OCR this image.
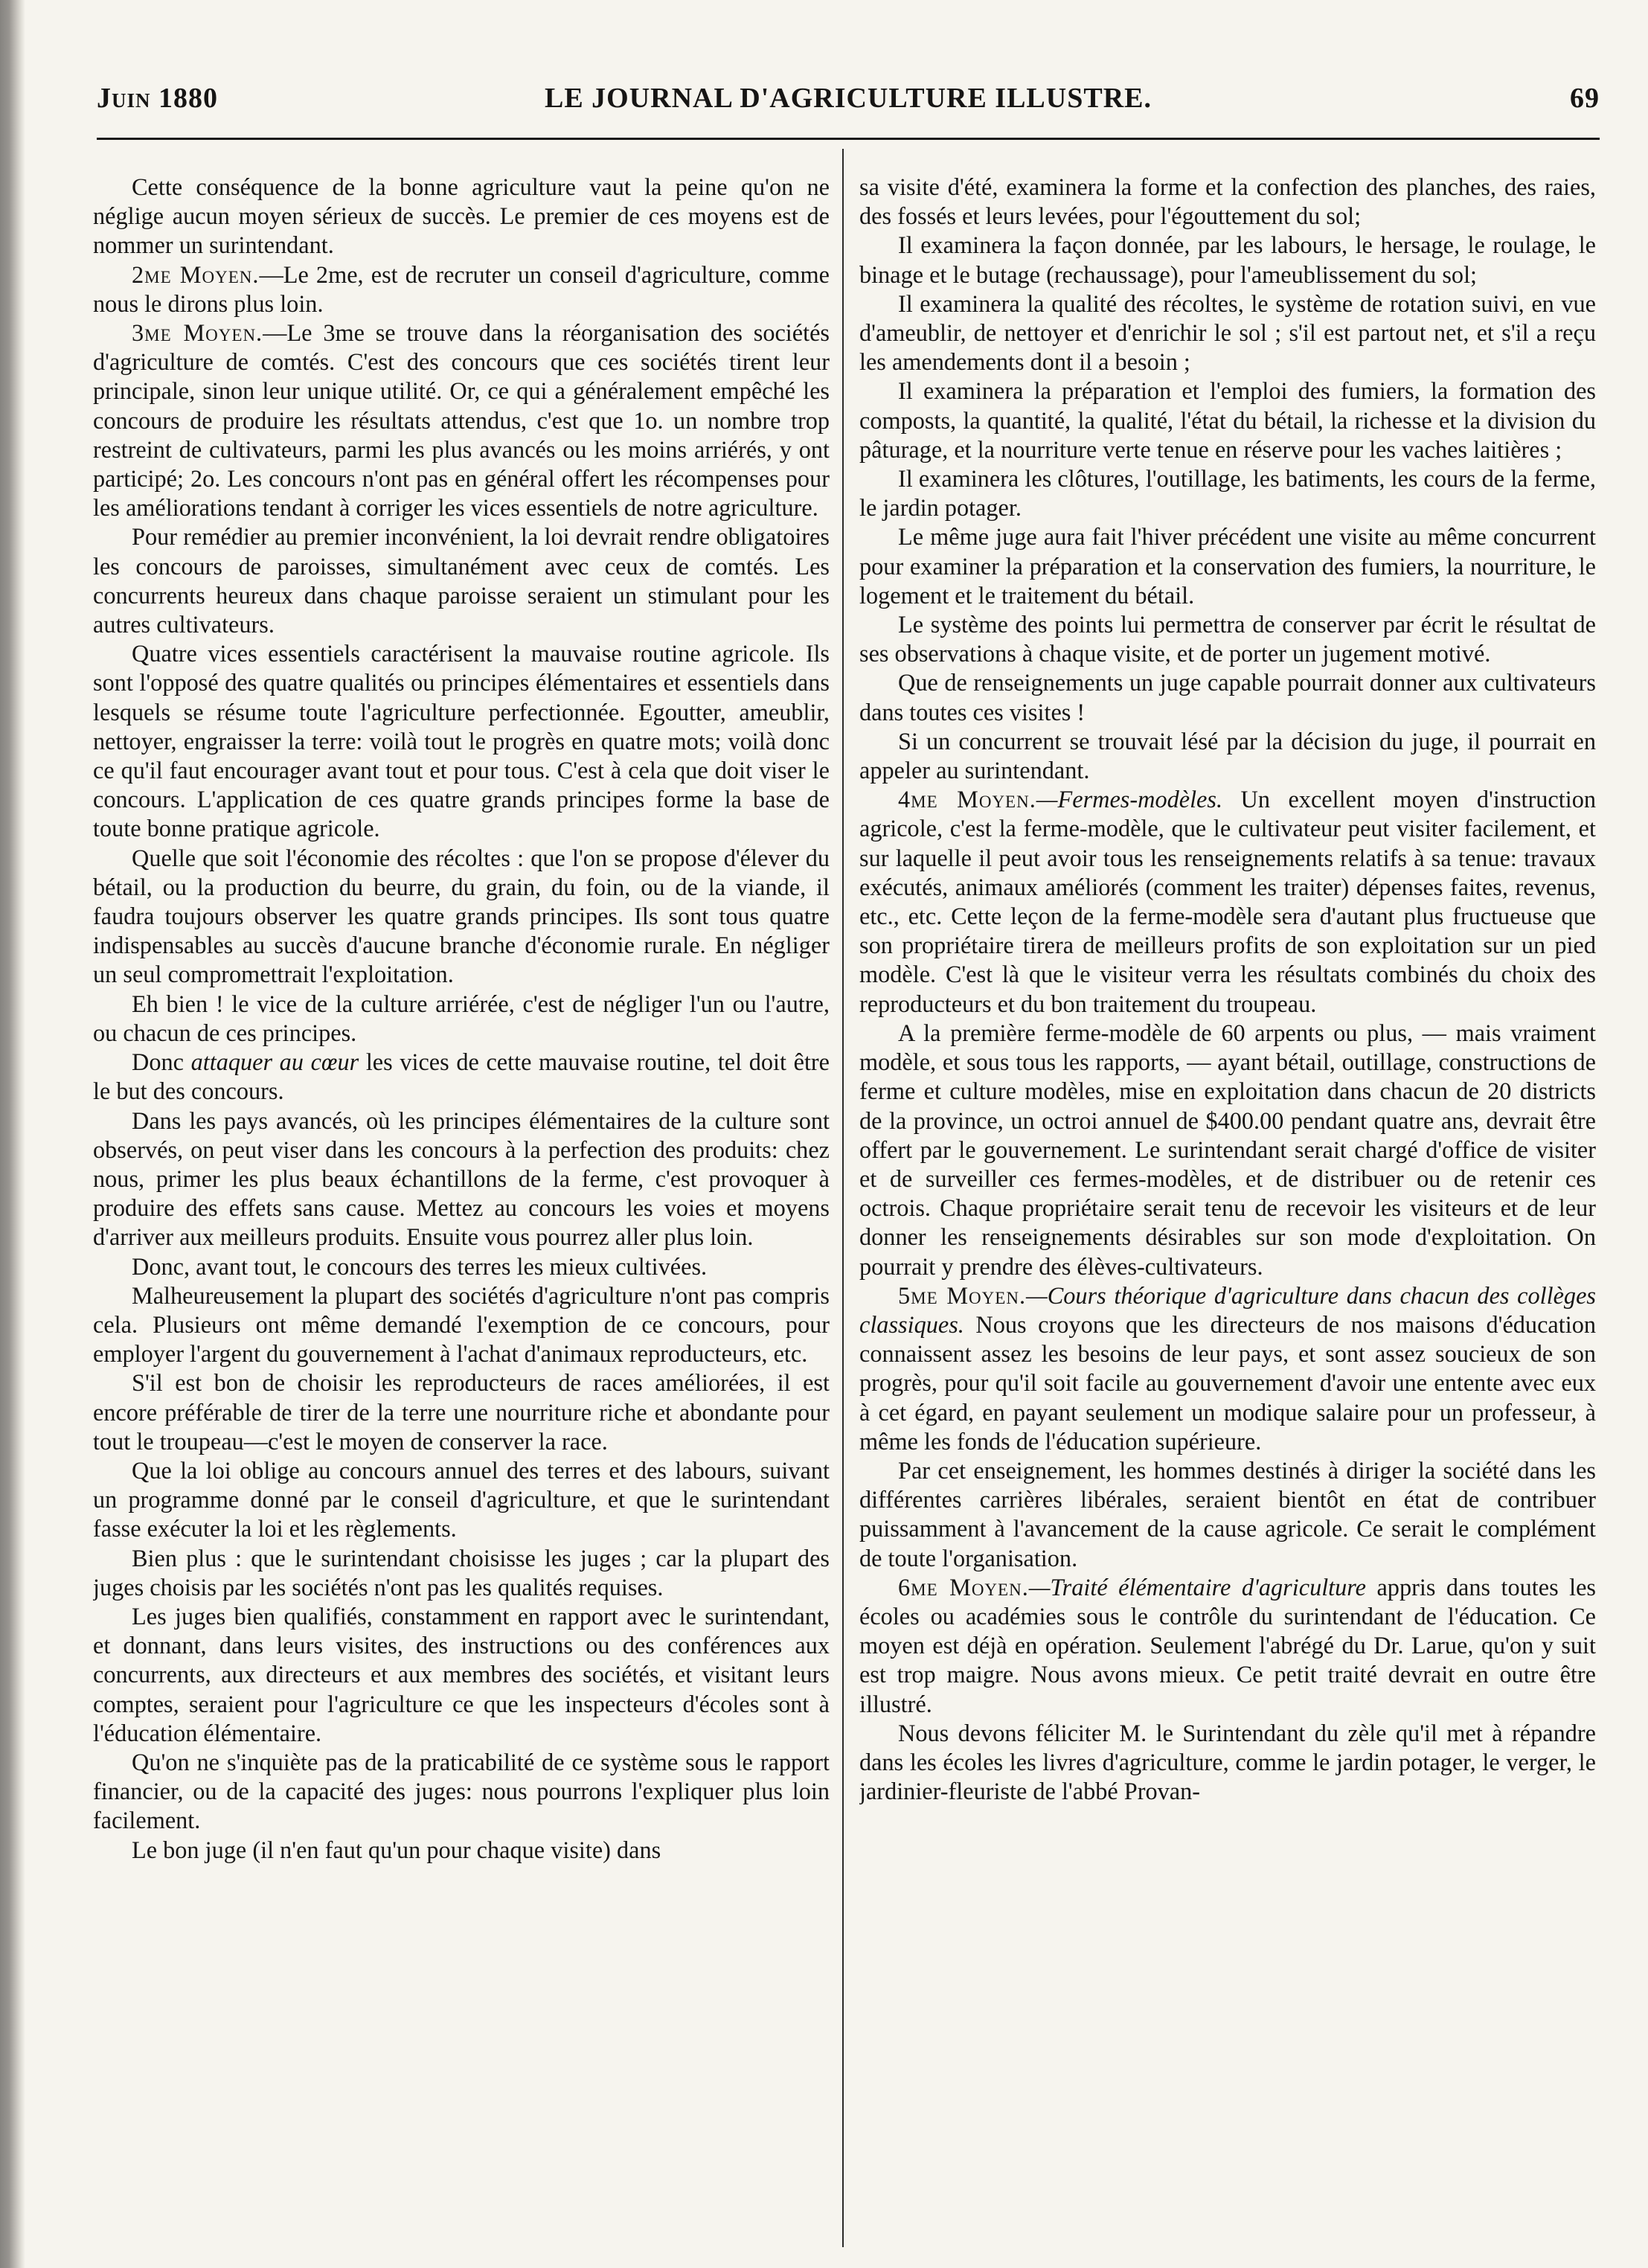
Juin 1880	LE JOURNAL D'AGRICULTURE ILLUSTRE.	69

Cette conséquence de la bonne agriculture vaut la peine qu'on ne néglige aucun moyen sérieux de succès. Le premier de ces moyens est de nommer un surintendant.

2me Moyen.—Le 2me, est de recruter un conseil d'agriculture, comme nous le dirons plus loin.

3me Moyen.—Le 3me se trouve dans la réorganisation des sociétés d'agriculture de comtés. C'est des concours que ces sociétés tirent leur principale, sinon leur unique utilité. Or, ce qui a généralement empêché les concours de produire les résultats attendus, c'est que 1o. un nombre trop restreint de cultivateurs, parmi les plus avancés ou les moins arriérés, y ont participé; 2o. Les concours n'ont pas en général offert les récompenses pour les améliorations tendant à corriger les vices essentiels de notre agriculture.

Pour remédier au premier inconvénient, la loi devrait rendre obligatoires les concours de paroisses, simultanément avec ceux de comtés. Les concurrents heureux dans chaque paroisse seraient un stimulant pour les autres cultivateurs.

Quatre vices essentiels caractérisent la mauvaise routine agricole. Ils sont l'opposé des quatre qualités ou principes élémentaires et essentiels dans lesquels se résume toute l'agriculture perfectionnée. Egoutter, ameublir, nettoyer, engraisser la terre: voilà tout le progrès en quatre mots; voilà donc ce qu'il faut encourager avant tout et pour tous. C'est à cela que doit viser le concours. L'application de ces quatre grands principes forme la base de toute bonne pratique agricole.

Quelle que soit l'économie des récoltes : que l'on se propose d'élever du bétail, ou la production du beurre, du grain, du foin, ou de la viande, il faudra toujours observer les quatre grands principes. Ils sont tous quatre indispensables au succès d'aucune branche d'économie rurale. En négliger un seul compromettrait l'exploitation.

Eh bien ! le vice de la culture arriérée, c'est de négliger l'un ou l'autre, ou chacun de ces principes.

Donc attaquer au cœur les vices de cette mauvaise routine, tel doit être le but des concours.

Dans les pays avancés, où les principes élémentaires de la culture sont observés, on peut viser dans les concours à la perfection des produits: chez nous, primer les plus beaux échantillons de la ferme, c'est provoquer à produire des effets sans cause. Mettez au concours les voies et moyens d'arriver aux meilleurs produits. Ensuite vous pourrez aller plus loin.

Donc, avant tout, le concours des terres les mieux cultivées.

Malheureusement la plupart des sociétés d'agriculture n'ont pas compris cela. Plusieurs ont même demandé l'exemption de ce concours, pour employer l'argent du gouvernement à l'achat d'animaux reproducteurs, etc.

S'il est bon de choisir les reproducteurs de races améliorées, il est encore préférable de tirer de la terre une nourriture riche et abondante pour tout le troupeau—c'est le moyen de conserver la race.

Que la loi oblige au concours annuel des terres et des labours, suivant un programme donné par le conseil d'agriculture, et que le surintendant fasse exécuter la loi et les règlements.

Bien plus : que le surintendant choisisse les juges ; car la plupart des juges choisis par les sociétés n'ont pas les qualités requises.

Les juges bien qualifiés, constamment en rapport avec le surintendant, et donnant, dans leurs visites, des instructions ou des conférences aux concurrents, aux directeurs et aux membres des sociétés, et visitant leurs comptes, seraient pour l'agriculture ce que les inspecteurs d'écoles sont à l'éducation élémentaire.

Qu'on ne s'inquiète pas de la praticabilité de ce système sous le rapport financier, ou de la capacité des juges: nous pourrons l'expliquer plus loin facilement.

Le bon juge (il n'en faut qu'un pour chaque visite) dans

sa visite d'été, examinera la forme et la confection des planches, des raies, des fossés et leurs levées, pour l'égouttement du sol;

Il examinera la façon donnée, par les labours, le hersage, le roulage, le binage et le butage (rechaussage), pour l'ameublissement du sol;

Il examinera la qualité des récoltes, le système de rotation suivi, en vue d'ameublir, de nettoyer et d'enrichir le sol ; s'il est partout net, et s'il a reçu les amendements dont il a besoin ;

Il examinera la préparation et l'emploi des fumiers, la formation des composts, la quantité, la qualité, l'état du bétail, la richesse et la division du pâturage, et la nourriture verte tenue en réserve pour les vaches laitières ;

Il examinera les clôtures, l'outillage, les batiments, les cours de la ferme, le jardin potager.

Le même juge aura fait l'hiver précédent une visite au même concurrent pour examiner la préparation et la conservation des fumiers, la nourriture, le logement et le traitement du bétail.

Le système des points lui permettra de conserver par écrit le résultat de ses observations à chaque visite, et de porter un jugement motivé.

Que de renseignements un juge capable pourrait donner aux cultivateurs dans toutes ces visites !

Si un concurrent se trouvait lésé par la décision du juge, il pourrait en appeler au surintendant.

4me Moyen.—Fermes-modèles. Un excellent moyen d'instruction agricole, c'est la ferme-modèle, que le cultivateur peut visiter facilement, et sur laquelle il peut avoir tous les renseignements relatifs à sa tenue: travaux exécutés, animaux améliorés (comment les traiter) dépenses faites, revenus, etc., etc. Cette leçon de la ferme-modèle sera d'autant plus fructueuse que son propriétaire tirera de meilleurs profits de son exploitation sur un pied modèle. C'est là que le visiteur verra les résultats combinés du choix des reproducteurs et du bon traitement du troupeau.

A la première ferme-modèle de 60 arpents ou plus, — mais vraiment modèle, et sous tous les rapports, — ayant bétail, outillage, constructions de ferme et culture modèles, mise en exploitation dans chacun de 20 districts de la province, un octroi annuel de $400.00 pendant quatre ans, devrait être offert par le gouvernement. Le surintendant serait chargé d'office de visiter et de surveiller ces fermes-modèles, et de distribuer ou de retenir ces octrois. Chaque propriétaire serait tenu de recevoir les visiteurs et de leur donner les renseignements désirables sur son mode d'exploitation. On pourrait y prendre des élèves-cultivateurs.

5me Moyen.—Cours théorique d'agriculture dans chacun des collèges classiques. Nous croyons que les directeurs de nos maisons d'éducation connaissent assez les besoins de leur pays, et sont assez soucieux de son progrès, pour qu'il soit facile au gouvernement d'avoir une entente avec eux à cet égard, en payant seulement un modique salaire pour un professeur, à même les fonds de l'éducation supérieure.

Par cet enseignement, les hommes destinés à diriger la société dans les différentes carrières libérales, seraient bientôt en état de contribuer puissamment à l'avancement de la cause agricole. Ce serait le complément de toute l'organisation.

6me Moyen.—Traité élémentaire d'agriculture appris dans toutes les écoles ou académies sous le contrôle du surintendant de l'éducation. Ce moyen est déjà en opération. Seulement l'abrégé du Dr. Larue, qu'on y suit est trop maigre. Nous avons mieux. Ce petit traité devrait en outre être illustré.

Nous devons féliciter M. le Surintendant du zèle qu'il met à répandre dans les écoles les livres d'agriculture, comme le jardin potager, le verger, le jardinier-fleuriste de l'abbé Provan-
